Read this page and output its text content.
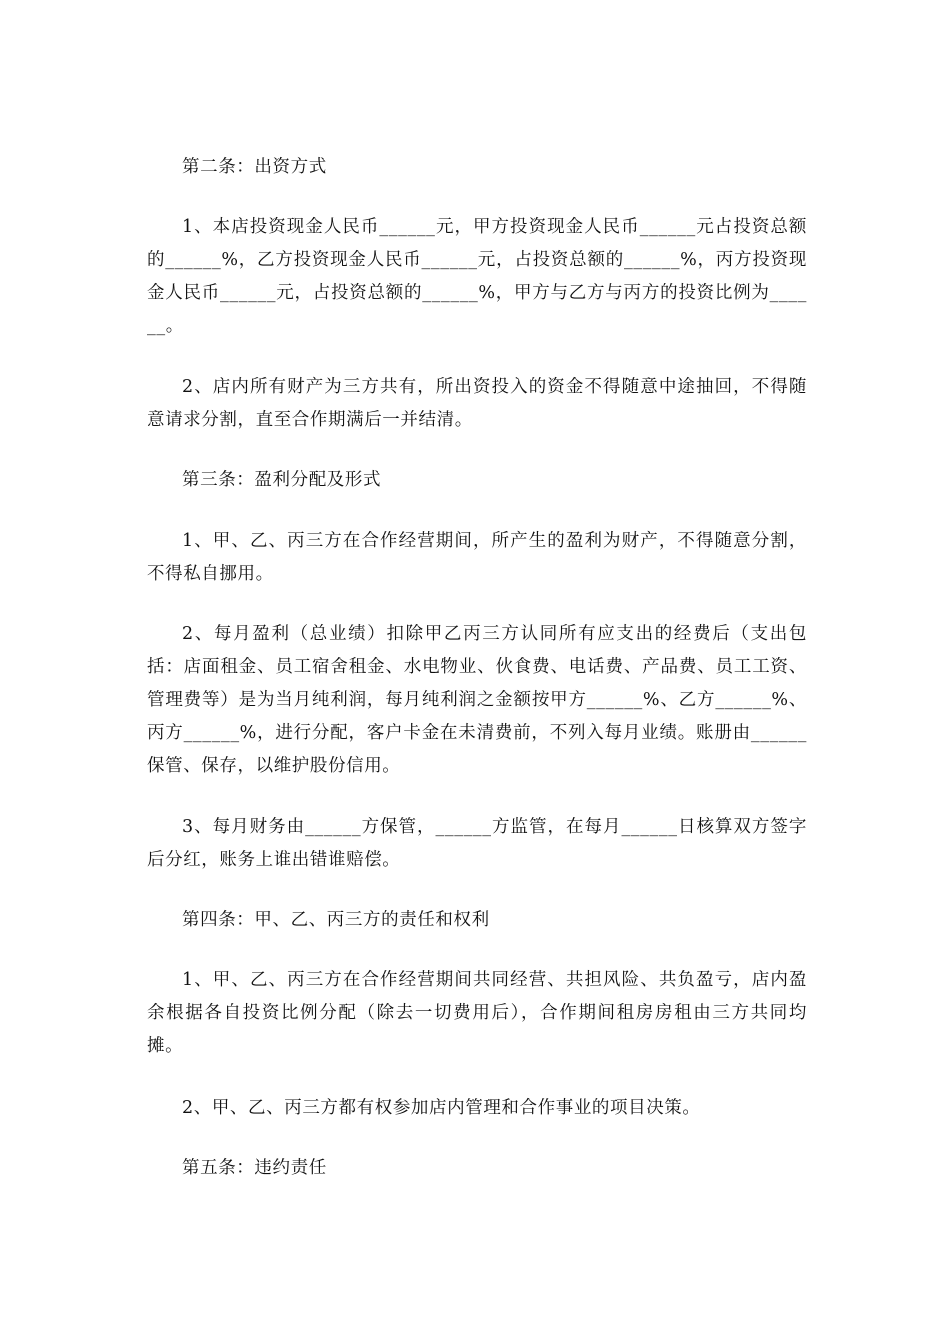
第二条：出资方式

1、本店投资现金人民币______元，甲方投资现金人民币______元占投资总额的______%，乙方投资现金人民币______元，占投资总额的______%，丙方投资现金人民币______元，占投资总额的______%，甲方与乙方与丙方的投资比例为______。

2、店内所有财产为三方共有，所出资投入的资金不得随意中途抽回，不得随意请求分割，直至合作期满后一并结清。

第三条：盈利分配及形式

1、甲、乙、丙三方在合作经营期间，所产生的盈利为财产，不得随意分割，不得私自挪用。

2、每月盈利（总业绩）扣除甲乙丙三方认同所有应支出的经费后（支出包括：店面租金、员工宿舍租金、水电物业、伙食费、电话费、产品费、员工工资、管理费等）是为当月纯利润，每月纯利润之金额按甲方______%、乙方______%、丙方______%，进行分配，客户卡金在未清费前，不列入每月业绩。账册由______保管、保存，以维护股份信用。

3、每月财务由______方保管，______方监管，在每月______日核算双方签字后分红，账务上谁出错谁赔偿。

第四条：甲、乙、丙三方的责任和权利

1、甲、乙、丙三方在合作经营期间共同经营、共担风险、共负盈亏，店内盈余根据各自投资比例分配（除去一切费用后），合作期间租房房租由三方共同均摊。

2、甲、乙、丙三方都有权参加店内管理和合作事业的项目决策。

第五条：违约责任
